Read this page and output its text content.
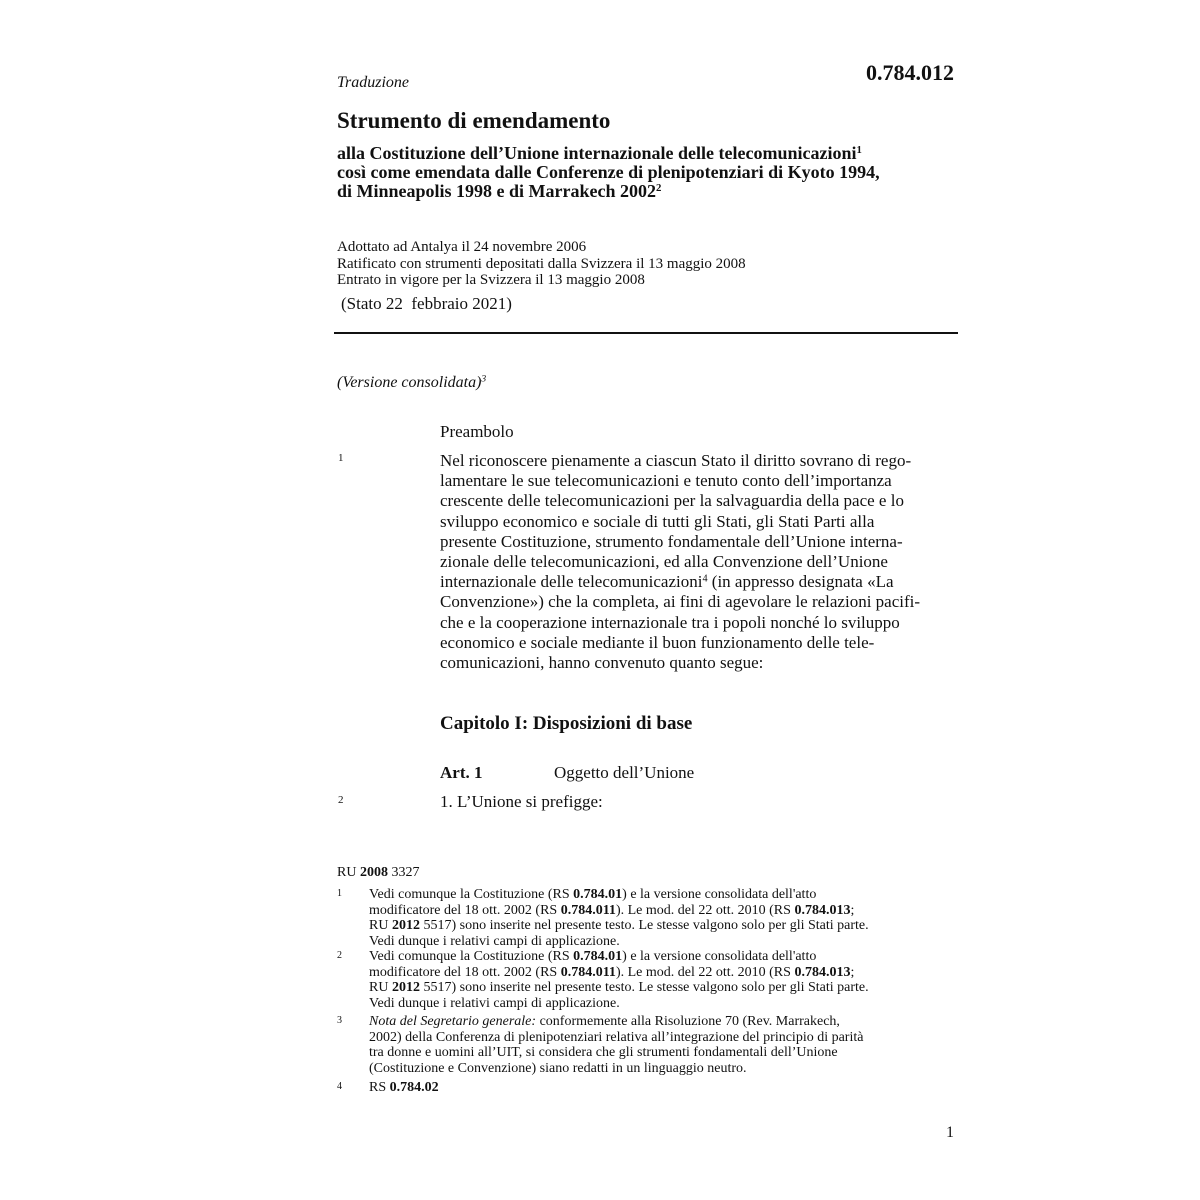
Traduzione	0.784.012
Strumento di emendamento
alla Costituzione dell’Unione internazionale delle telecomunicazioni$^1$
così come emendata dalle Conferenze di plenipotenziari di Kyoto 1994,
di Minneapolis 1998 e di Marrakech 2002$^2$
Adottato ad Antalya il 24 novembre 2006
Ratificato con strumenti depositati dalla Svizzera il 13 maggio 2008
Entrato in vigore per la Svizzera il 13 maggio 2008
(Stato 22  febbraio 2021)
(Versione consolidata)$^3$
Preambolo
1	Nel riconoscere pienamente a ciascun Stato il diritto sovrano di rego-
lamentare le sue telecomunicazioni e tenuto conto dell’importanza
crescente delle telecomunicazioni per la salvaguardia della pace e lo
sviluppo economico e sociale di tutti gli Stati, gli Stati Parti alla
presente Costituzione, strumento fondamentale dell’Unione interna-
zionale delle telecomunicazioni, ed alla Convenzione dell’Unione
internazionale delle telecomunicazioni$^4$ (in appresso designata «La
Convenzione») che la completa, ai fini di agevolare le relazioni pacifi-
che e la cooperazione internazionale tra i popoli nonché lo sviluppo
economico e sociale mediante il buon funzionamento delle tele-
comunicazioni, hanno convenuto quanto segue:
Capitolo I: Disposizioni di base
Art. 1	Oggetto dell’Unione
2	1. L’Unione si prefigge:
RU 2008 3327
1 Vedi comunque la Costituzione (RS 0.784.01) e la versione consolidata dell'atto
modificatore del 18 ott. 2002 (RS 0.784.011). Le mod. del 22 ott. 2010 (RS 0.784.013;
RU 2012 5517) sono inserite nel presente testo. Le stesse valgono solo per gli Stati parte.
Vedi dunque i relativi campi di applicazione.
2 Vedi comunque la Costituzione (RS 0.784.01) e la versione consolidata dell'atto
modificatore del 18 ott. 2002 (RS 0.784.011). Le mod. del 22 ott. 2010 (RS 0.784.013;
RU 2012 5517) sono inserite nel presente testo. Le stesse valgono solo per gli Stati parte.
Vedi dunque i relativi campi di applicazione.
3 Nota del Segretario generale: conformemente alla Risoluzione 70 (Rev. Marrakech,
2002) della Conferenza di plenipotenziari relativa all’integrazione del principio di parità
tra donne e uomini all’UIT, si considera che gli strumenti fondamentali dell’Unione
(Costituzione e Convenzione) siano redatti in un linguaggio neutro.
4 RS 0.784.02
1
